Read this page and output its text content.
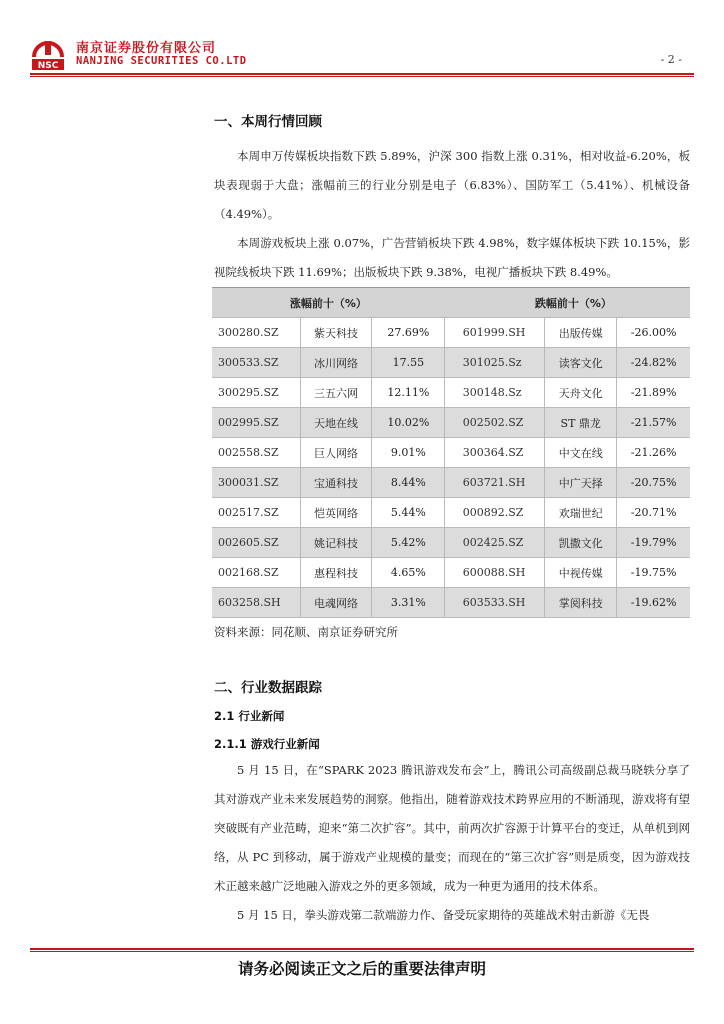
NSC
南京证券股份有限公司
NANJING SECURITIES CO.LTD	- 2 -
一、本周行情回顾

本周申万传媒板块指数下跌 5.89%，沪深 300 指数上涨 0.31%，相对收益-6.20%，板块表现弱于大盘；涨幅前三的行业分别是电子（6.83%）、国防军工（5.41%）、机械设备（4.49%）。

本周游戏板块上涨 0.07%，广告营销板块下跌 4.98%，数字媒体板块下跌 10.15%，影视院线板块下跌 11.69%；出版板块下跌 9.38%，电视广播板块下跌 8.49%。

涨幅前十（%）				跌幅前十（%）		
300280.SZ	紫天科技	27.69%		601999.SH	出版传媒	-26.00%
300533.SZ	冰川网络	17.55		301025.Sz	读客文化	-24.82%
300295.SZ	三五六网	12.11%		300148.Sz	天舟文化	-21.89%
002995.SZ	天地在线	10.02%		002502.SZ	ST 鼎龙	-21.57%
002558.SZ	巨人网络	9.01%		300364.SZ	中文在线	-21.26%
300031.SZ	宝通科技	8.44%		603721.SH	中广天择	-20.75%
002517.SZ	恺英网络	5.44%		000892.SZ	欢瑞世纪	-20.71%
002605.SZ	姚记科技	5.42%		002425.SZ	凯撒文化	-19.79%
002168.SZ	惠程科技	4.65%		600088.SH	中视传媒	-19.75%
603258.SH	电魂网络	3.31%		603533.SH	掌阅科技	-19.62%
资料来源：同花顺、南京证券研究所
二、行业数据跟踪
2.1 行业新闻
2.1.1 游戏行业新闻

5 月 15 日，在“SPARK 2023 腾讯游戏发布会”上，腾讯公司高级副总裁马晓轶分享了其对游戏产业未来发展趋势的洞察。他指出，随着游戏技术跨界应用的不断涌现，游戏将有望突破既有产业范畴，迎来“第二次扩容”。其中，前两次扩容源于计算平台的变迁，从单机到网络，从 PC 到移动，属于游戏产业规模的量变；而现在的“第三次扩容”则是质变，因为游戏技术正越来越广泛地融入游戏之外的更多领域，成为一种更为通用的技术体系。

5 月 15 日，拳头游戏第二款端游力作、备受玩家期待的英雄战术射击新游《无畏

请务必阅读正文之后的重要法律声明
